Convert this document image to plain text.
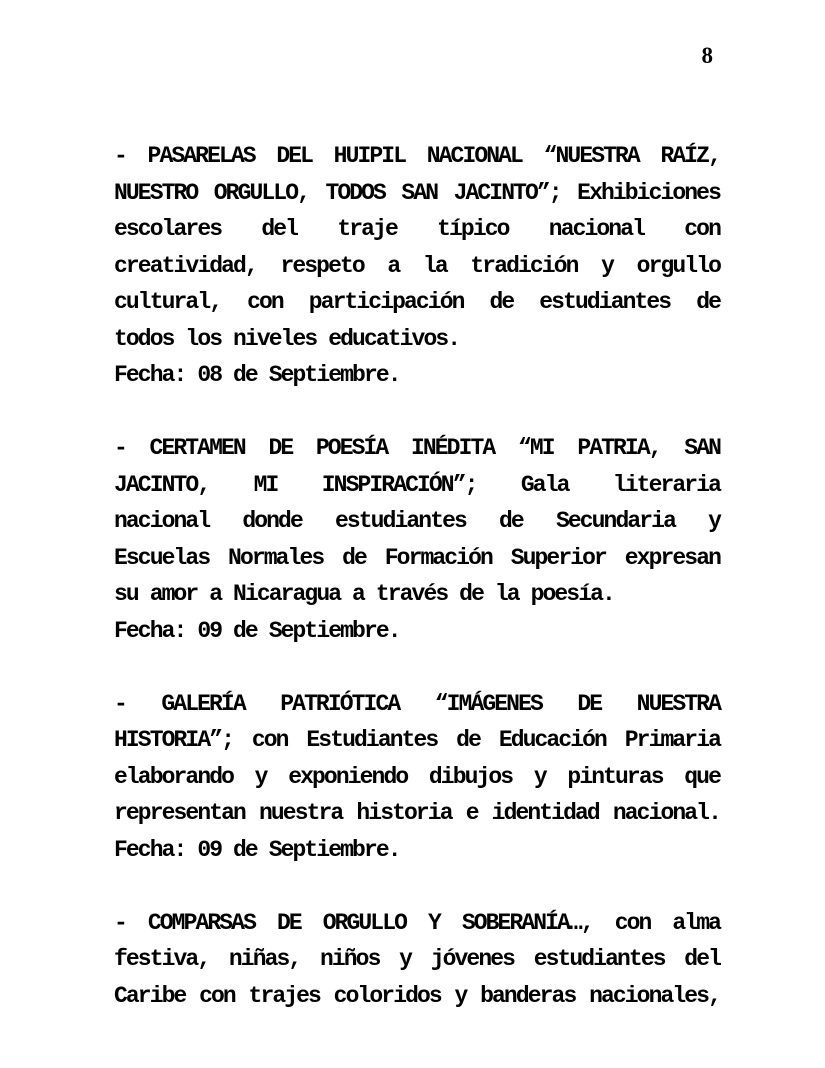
8
- PASARELAS DEL HUIPIL NACIONAL “NUESTRA RAÍZ,
NUESTRO ORGULLO, TODOS SAN JACINTO”; Exhibiciones
escolares del traje típico nacional con
creatividad, respeto a la tradición y orgullo
cultural, con participación de estudiantes de
todos los niveles educativos.
Fecha: 08 de Septiembre.
- CERTAMEN DE POESÍA INÉDITA “MI PATRIA, SAN
JACINTO, MI INSPIRACIÓN”; Gala literaria
nacional donde estudiantes de Secundaria y
Escuelas Normales de Formación Superior expresan
su amor a Nicaragua a través de la poesía.
Fecha: 09 de Septiembre.
- GALERÍA PATRIÓTICA “IMÁGENES DE NUESTRA
HISTORIA”; con Estudiantes de Educación Primaria
elaborando y exponiendo dibujos y pinturas que
representan nuestra historia e identidad nacional.
Fecha: 09 de Septiembre.
- COMPARSAS DE ORGULLO Y SOBERANÍA…, con alma
festiva, niñas, niños y jóvenes estudiantes del
Caribe con trajes coloridos y banderas nacionales,
